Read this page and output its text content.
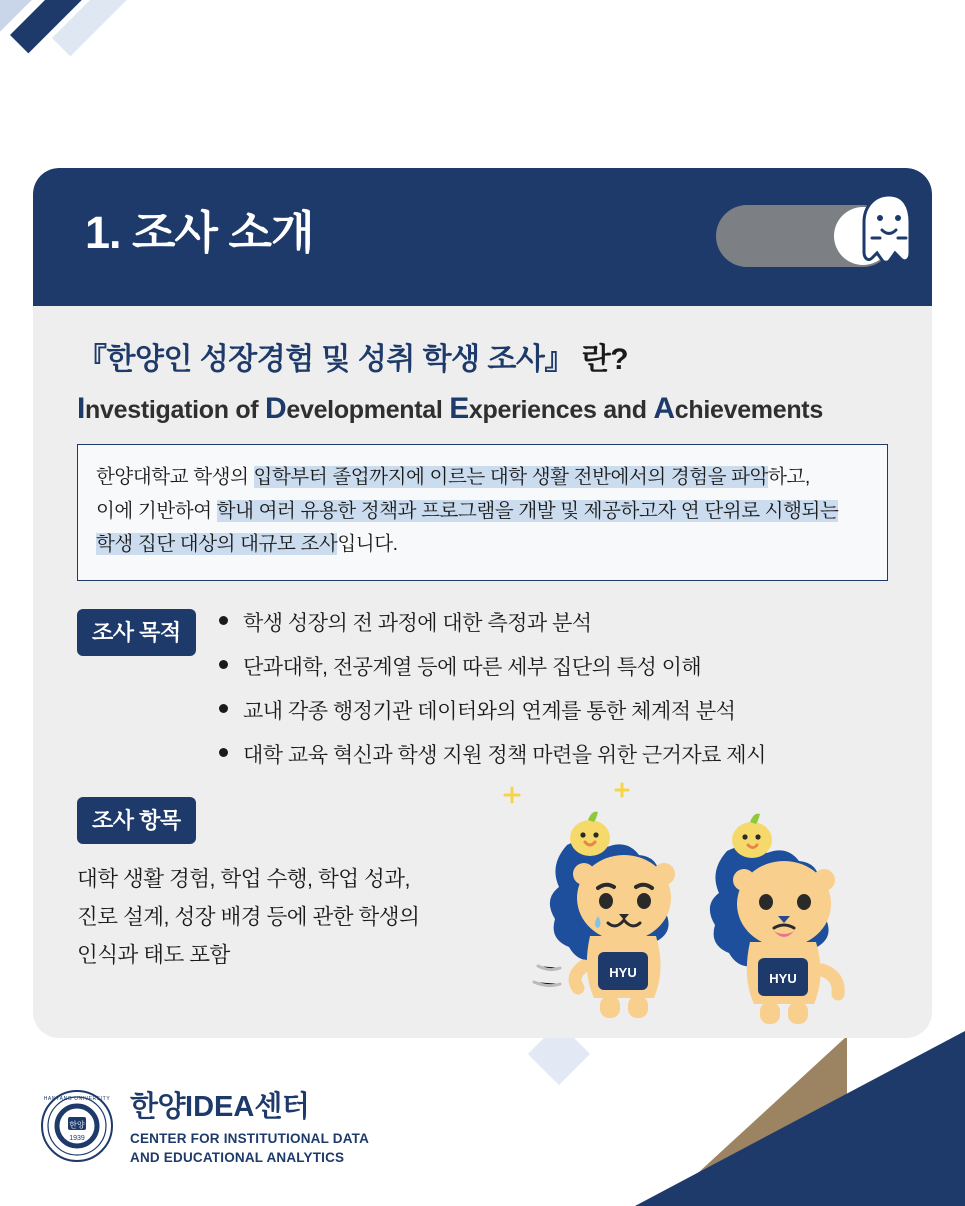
1. 조사 소개
『한양인 성장경험 및 성취 학생 조사』 란?
Investigation of Developmental Experiences and Achievements
한양대학교 학생의 입학부터 졸업까지에 이르는 대학 생활 전반에서의 경험을 파악하고,
이에 기반하여 학내 여러 유용한 정책과 프로그램을 개발 및 제공하고자 연 단위로 시행되는
학생 집단 대상의 대규모 조사입니다.
조사 목적	학생 성장의 전 과정에 대한 측정과 분석
단과대학, 전공계열 등에 따른 세부 집단의 특성 이해
교내 각종 행정기관 데이터와의 연계를 통한 체계적 분석
대학 교육 혁신과 학생 지원 정책 마련을 위한 근거자료 제시
조사 항목
대학 생활 경험, 학업 수행, 학업 성과,
진로 설계, 성장 배경 등에 관한 학생의
인식과 태도 포함
HYU	HYU
한양
1939
HANYANG UNIVERSITY 한양IDEA센터
CENTER FOR INSTITUTIONAL DATA
AND EDUCATIONAL ANALYTICS
